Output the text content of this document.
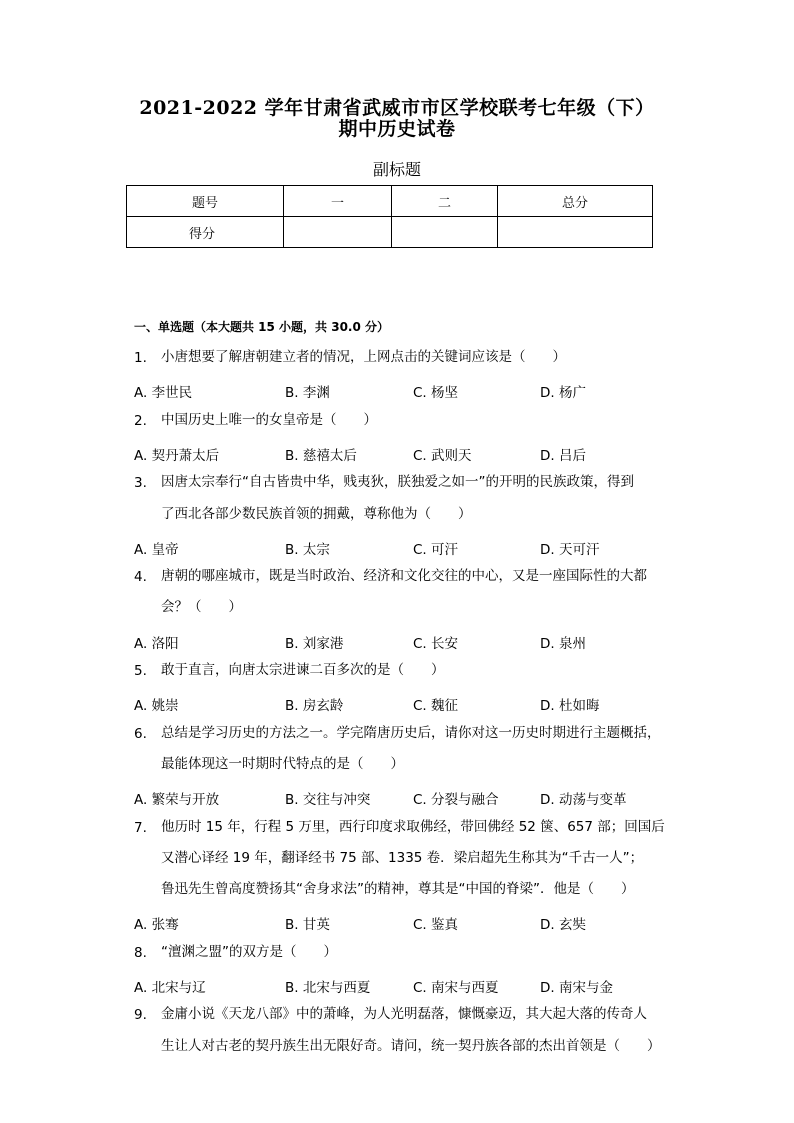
2021-2022 学年甘肃省武威市市区学校联考七年级（下）
期中历史试卷
副标题
题号	一	二	总分
得分			
一、单选题（本大题共 15 小题，共 30.0 分）
1. 小唐想要了解唐朝建立者的情况，上网点击的关键词应该是（　　）
A. 李世民	B. 李渊	C. 杨坚	D. 杨广
2. 中国历史上唯一的女皇帝是（　　）
A. 契丹萧太后	B. 慈禧太后	C. 武则天	D. 吕后
3. 因唐太宗奉行“自古皆贵中华，贱夷狄，朕独爱之如一”的开明的民族政策，得到
了西北各部少数民族首领的拥戴，尊称他为（　　）
A. 皇帝	B. 太宗	C. 可汗	D. 天可汗
4. 唐朝的哪座城市，既是当时政治、经济和文化交往的中心，又是一座国际性的大都
会？（　　）
A. 洛阳	B. 刘家港	C. 长安	D. 泉州
5. 敢于直言，向唐太宗进谏二百多次的是（　　）
A. 姚崇	B. 房玄龄	C. 魏征	D. 杜如晦
6. 总结是学习历史的方法之一。学完隋唐历史后，请你对这一历史时期进行主题概括，
最能体现这一时期时代特点的是（　　）
A. 繁荣与开放	B. 交往与冲突	C. 分裂与融合	D. 动荡与变革
7. 他历时 15 年，行程 5 万里，西行印度求取佛经，带回佛经 52 箧、657 部；回国后
又潜心译经 19 年，翻译经书 75 部、1335 卷．梁启超先生称其为“千古一人”；
鲁迅先生曾高度赞扬其“舍身求法”的精神，尊其是“中国的脊梁”．他是（　　）
A. 张骞	B. 甘英	C. 鉴真	D. 玄奘
8. “澶渊之盟”的双方是（　　）
A. 北宋与辽	B. 北宋与西夏	C. 南宋与西夏	D. 南宋与金
9. 金庸小说《天龙八部》中的萧峰，为人光明磊落，慷慨豪迈，其大起大落的传奇人
生让人对古老的契丹族生出无限好奇。请问，统一契丹族各部的杰出首领是（　　）
